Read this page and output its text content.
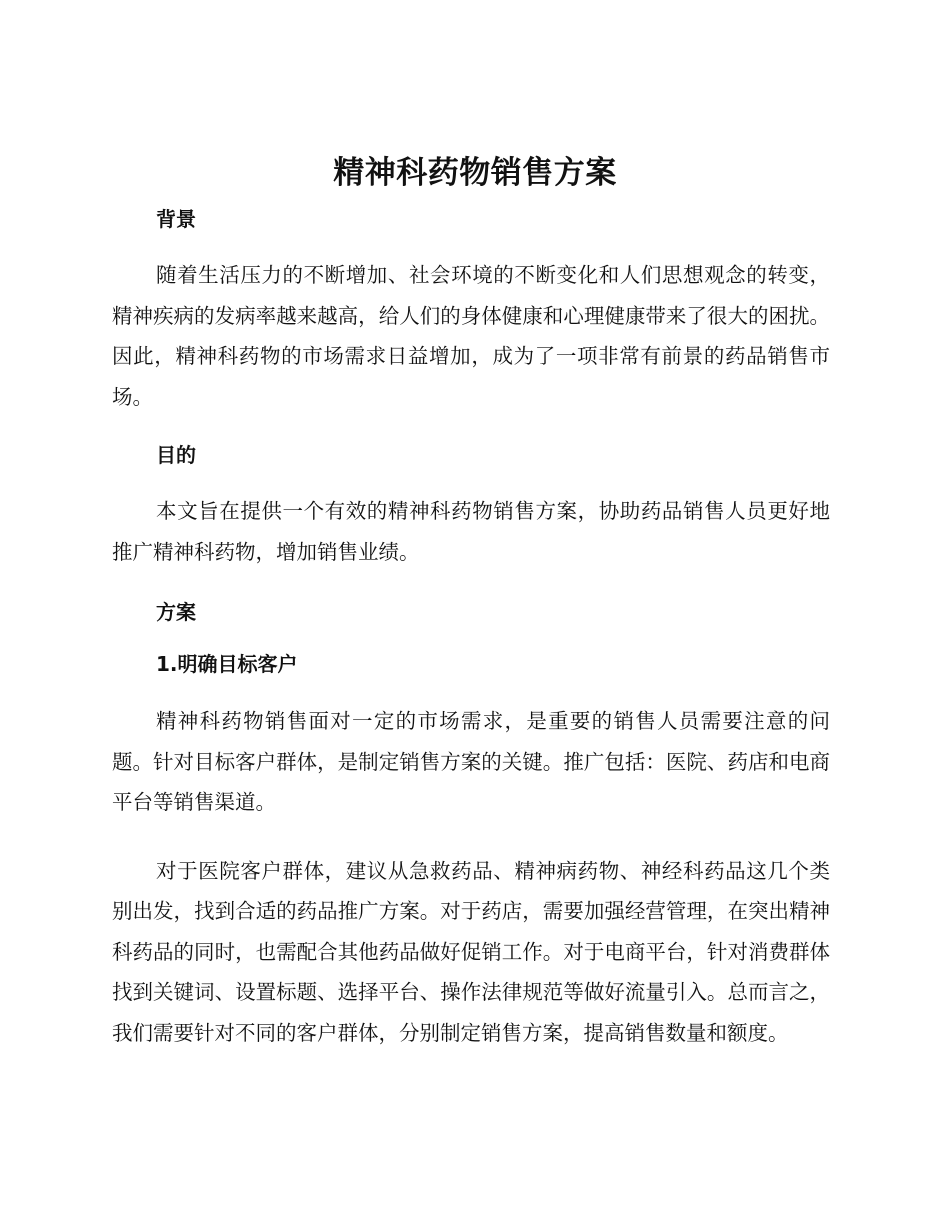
精神科药物销售方案
背景

随着生活压力的不断增加、社会环境的不断变化和人们思想观念的转变，精神疾病的发病率越来越高，给人们的身体健康和心理健康带来了很大的困扰。因此，精神科药物的市场需求日益增加，成为了一项非常有前景的药品销售市场。

目的

本文旨在提供一个有效的精神科药物销售方案，协助药品销售人员更好地推广精神科药物，增加销售业绩。

方案
1.明确目标客户

精神科药物销售面对一定的市场需求，是重要的销售人员需要注意的问题。针对目标客户群体，是制定销售方案的关键。推广包括：医院、药店和电商平台等销售渠道。

对于医院客户群体，建议从急救药品、精神病药物、神经科药品这几个类别出发，找到合适的药品推广方案。对于药店，需要加强经营管理，在突出精神科药品的同时，也需配合其他药品做好促销工作。对于电商平台，针对消费群体找到关键词、设置标题、选择平台、操作法律规范等做好流量引入。总而言之，我们需要针对不同的客户群体，分别制定销售方案，提高销售数量和额度。
